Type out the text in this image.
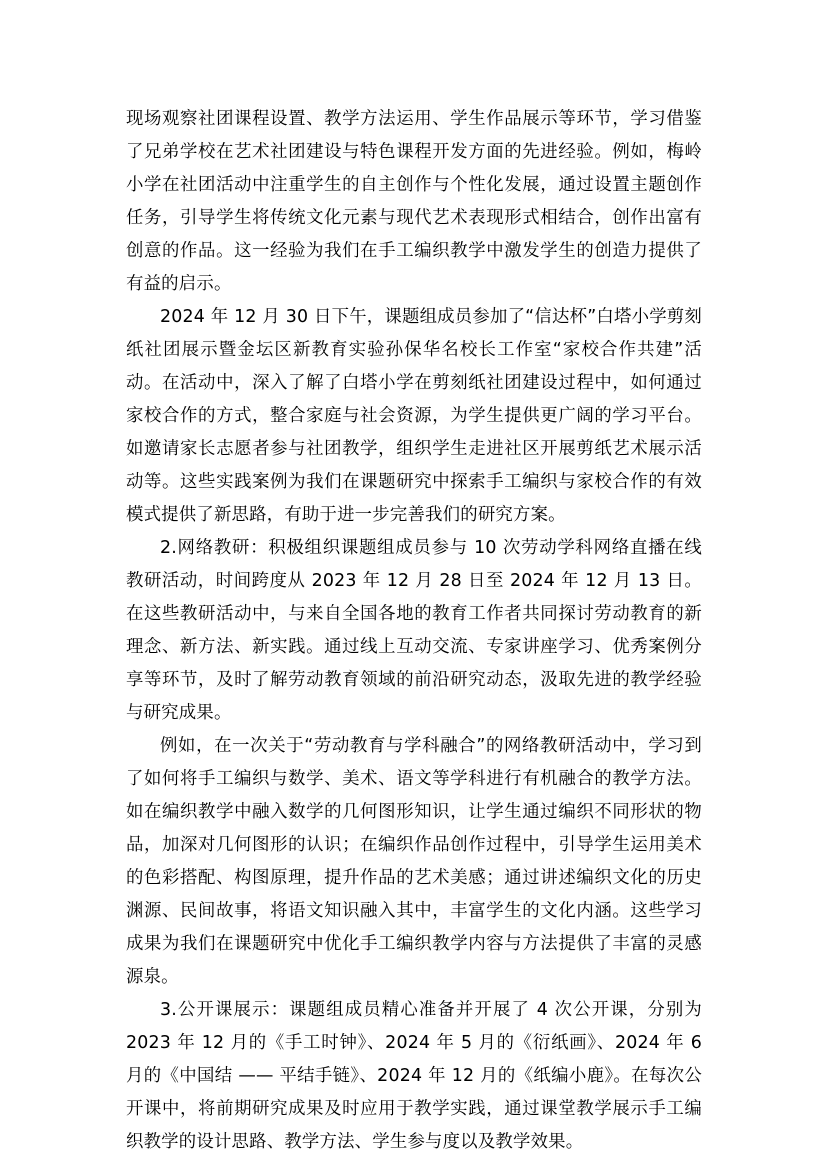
现场观察社团课程设置、教学方法运用、学生作品展示等环节，学习借鉴了兄弟学校在艺术社团建设与特色课程开发方面的先进经验。例如，梅岭小学在社团活动中注重学生的自主创作与个性化发展，通过设置主题创作任务，引导学生将传统文化元素与现代艺术表现形式相结合，创作出富有创意的作品。这一经验为我们在手工编织教学中激发学生的创造力提供了有益的启示。

2024 年 12 月 30 日下午，课题组成员参加了“信达杯”白塔小学剪刻纸社团展示暨金坛区新教育实验孙保华名校长工作室“家校合作共建”活动。在活动中，深入了解了白塔小学在剪刻纸社团建设过程中，如何通过家校合作的方式，整合家庭与社会资源，为学生提供更广阔的学习平台。如邀请家长志愿者参与社团教学，组织学生走进社区开展剪纸艺术展示活动等。这些实践案例为我们在课题研究中探索手工编织与家校合作的有效模式提供了新思路，有助于进一步完善我们的研究方案。

2.网络教研：积极组织课题组成员参与 10 次劳动学科网络直播在线教研活动，时间跨度从 2023 年 12 月 28 日至 2024 年 12 月 13 日。在这些教研活动中，与来自全国各地的教育工作者共同探讨劳动教育的新理念、新方法、新实践。通过线上互动交流、专家讲座学习、优秀案例分享等环节，及时了解劳动教育领域的前沿研究动态，汲取先进的教学经验与研究成果。

例如，在一次关于“劳动教育与学科融合”的网络教研活动中，学习到了如何将手工编织与数学、美术、语文等学科进行有机融合的教学方法。如在编织教学中融入数学的几何图形知识，让学生通过编织不同形状的物品，加深对几何图形的认识；在编织作品创作过程中，引导学生运用美术的色彩搭配、构图原理，提升作品的艺术美感；通过讲述编织文化的历史渊源、民间故事，将语文知识融入其中，丰富学生的文化内涵。这些学习成果为我们在课题研究中优化手工编织教学内容与方法提供了丰富的灵感源泉。

3.公开课展示：课题组成员精心准备并开展了 4 次公开课，分别为 2023 年 12 月的《手工时钟》、2024 年 5 月的《衍纸画》、2024 年 6 月的《中国结 —— 平结手链》、2024 年 12 月的《纸编小鹿》。在每次公开课中，将前期研究成果及时应用于教学实践，通过课堂教学展示手工编织教学的设计思路、教学方法、学生参与度以及教学效果。
